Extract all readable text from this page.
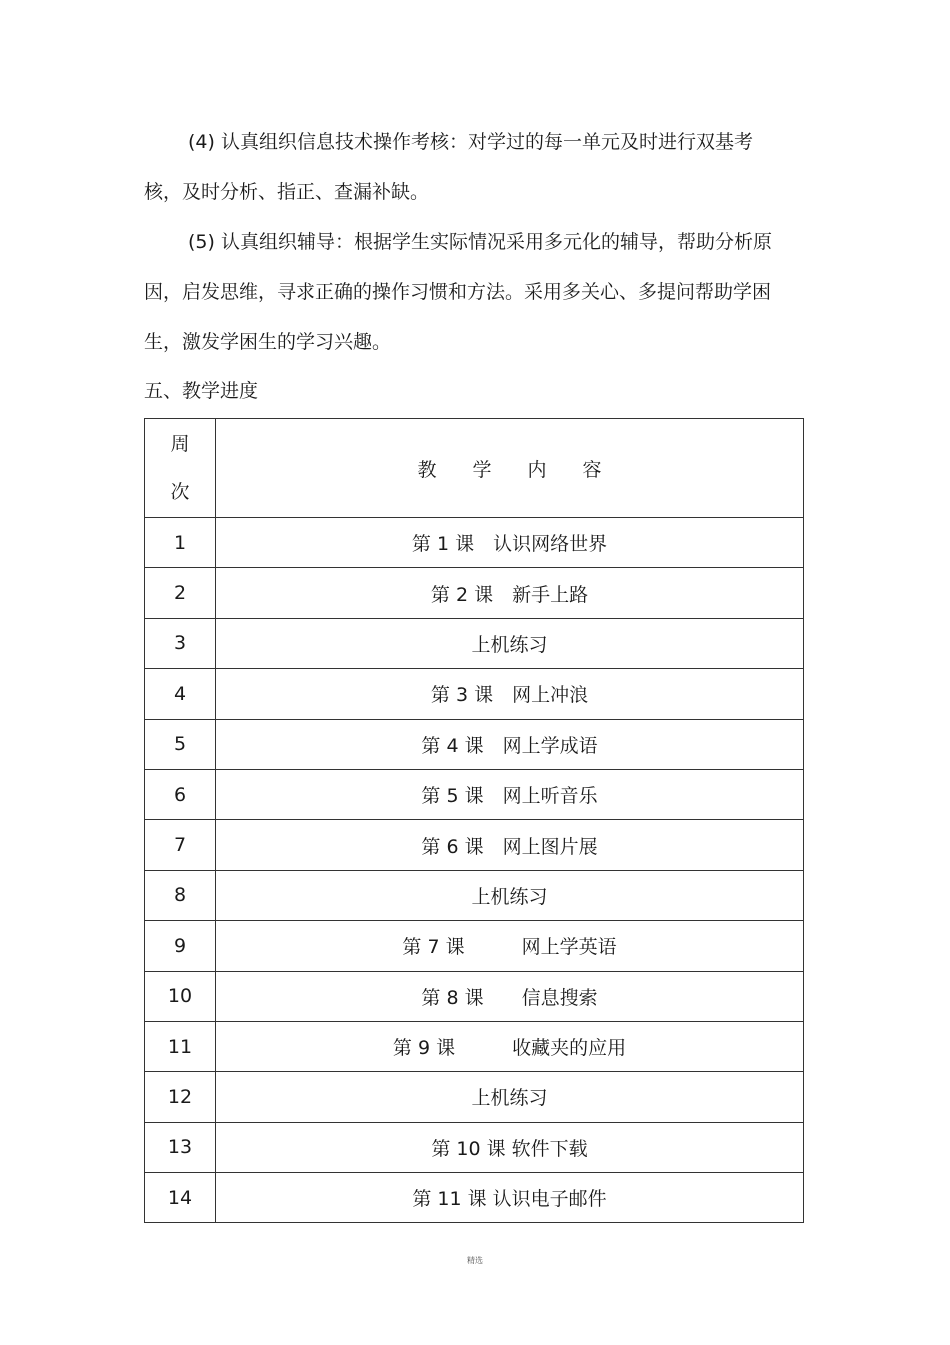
(4) 认真组织信息技术操作考核：对学过的每一单元及时进行双基考核，及时分析、指正、查漏补缺。
(5) 认真组织辅导：根据学生实际情况采用多元化的辅导，帮助分析原因，启发思维，寻求正确的操作习惯和方法。采用多关心、多提问帮助学困生，激发学困生的学习兴趣。
五、教学进度
周
次	教学内容
1	第 1 课　认识网络世界
2	第 2 课　新手上路
3	上机练习
4	第 3 课　网上冲浪
5	第 4 课　网上学成语
6	第 5 课　网上听音乐
7	第 6 课　网上图片展
8	上机练习
9	第 7 课　　　网上学英语
10	第 8 课　　信息搜索
11	第 9 课　　　收藏夹的应用
12	上机练习
13	第 10 课 软件下载
14	第 11 课 认识电子邮件
精选
